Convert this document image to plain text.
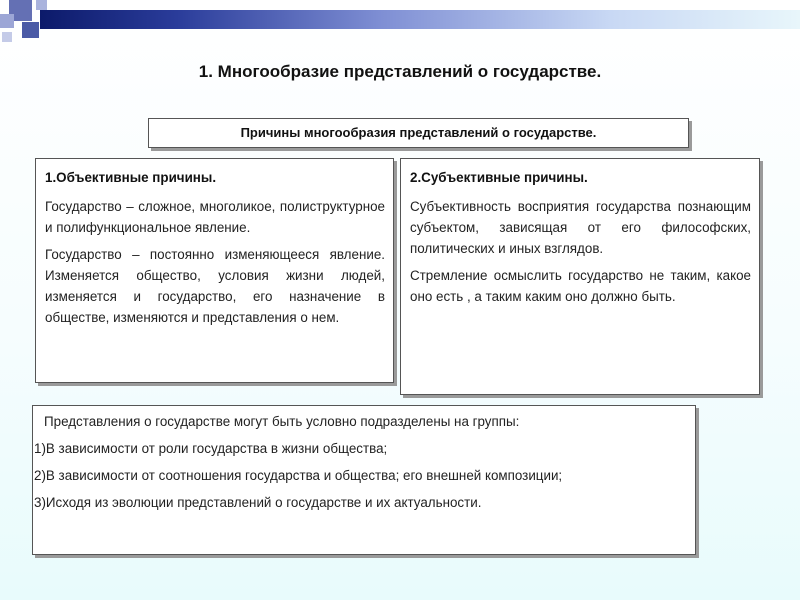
1. Многообразие представлений о государстве.
Причины многообразия представлений о государстве.

1.Объективные причины.

Государство – сложное, многоликое, полиструктурное и полифункциональное явление.

Государство – постоянно изменяющееся явление. Изменяется общество, условия жизни людей, изменяется и государство, его назначение в обществе, изменяются и представления о нем.

2.Субъективные причины.

Субъективность восприятия государства познающим субъектом, зависящая от его философских, политических и иных взглядов.

Стремление осмыслить государство не таким, какое оно есть , а таким каким оно должно быть.

Представления о государстве могут быть условно подразделены на группы:

1)В зависимости от роли государства в жизни общества;

2)В зависимости от соотношения государства и общества; его внешней композиции;

3)Исходя из эволюции представлений о государстве и их актуальности.
